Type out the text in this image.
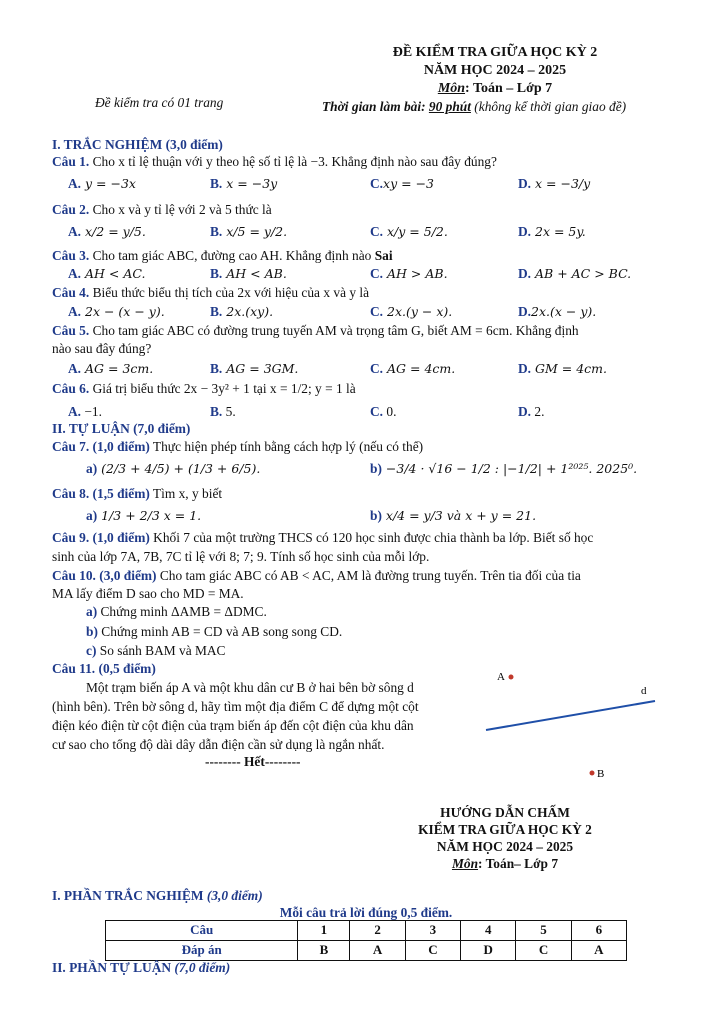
ĐỀ KIỂM TRA GIỮA HỌC KỲ 2
NĂM HỌC 2024 – 2025
Môn: Toán – Lớp 7
Đề kiểm tra có 01 trang	Thời gian làm bài: 90 phút (không kể thời gian giao đề)
I. TRẮC NGHIỆM (3,0 điểm)
Câu 1. Cho x tỉ lệ thuận với y theo hệ số tỉ lệ là −3. Khẳng định nào sau đây đúng?
A. y = −3x	B. x = −3y	C.xy = −3	D. x = −3/y
Câu 2. Cho x và y tỉ lệ với 2 và 5 thức là
A. x/2 = y/5.	B. x/5 = y/2.	C. x/y = 5/2.	D. 2x = 5y.
Câu 3. Cho tam giác ABC, đường cao AH. Khẳng định nào Sai
A. AH < AC.	B. AH < AB.	C. AH > AB.	D. AB + AC > BC.
Câu 4. Biểu thức biểu thị tích của 2x với hiệu của x và y là
A. 2x − (x − y).	B. 2x.(xy).	C. 2x.(y − x).	D.2x.(x − y).
Câu 5. Cho tam giác ABC có đường trung tuyến AM và trọng tâm G, biết AM = 6cm. Khẳng định
nào sau đây đúng?
A. AG = 3cm.	B. AG = 3GM.	C. AG = 4cm.	D. GM = 4cm.
Câu 6. Giá trị biểu thức 2x − 3y² + 1 tại x = 1/2; y = 1 là
A. −1.	B. 5.	C. 0.	D. 2.
II. TỰ LUẬN (7,0 điểm)
Câu 7. (1,0 điểm) Thực hiện phép tính bằng cách hợp lý (nếu có thể)
a) (2/3 + 4/5) + (1/3 + 6/5).	b) −3/4 · √16 − 1/2 : |−1/2| + 1²⁰²⁵. 2025⁰.
Câu 8. (1,5 điểm) Tìm x, y biết
a) 1/3 + 2/3 x = 1.	b) x/4 = y/3 và x + y = 21.
Câu 9. (1,0 điểm) Khối 7 của một trường THCS có 120 học sinh được chia thành ba lớp. Biết số học
sinh của lớp 7A, 7B, 7C tỉ lệ với 8; 7; 9. Tính số học sinh của mỗi lớp.
Câu 10. (3,0 điểm) Cho tam giác ABC có AB < AC, AM là đường trung tuyến. Trên tia đối của tia
MA lấy điểm D sao cho MD = MA.
a) Chứng minh ΔAMB = ΔDMC.
b) Chứng minh AB = CD và AB song song CD.
c) So sánh BAM và MAC
Câu 11. (0,5 điểm)
Một trạm biến áp A và một khu dân cư B ở hai bên bờ sông d
(hình bên). Trên bờ sông d, hãy tìm một địa điểm C để dựng một cột
điện kéo điện từ cột điện của trạm biến áp đến cột điện của khu dân
cư sao cho tổng độ dài dây dẫn điện cần sử dụng là ngắn nhất.
-------- Hết--------
A
d
B
HƯỚNG DẪN CHẤM
KIỂM TRA GIỮA HỌC KỲ 2
NĂM HỌC 2024 – 2025
Môn: Toán– Lớp 7
I. PHẦN TRẮC NGHIỆM (3,0 điểm)
Mỗi câu trả lời đúng 0,5 điểm.
Câu	1	2	3	4	5	6
Đáp án	B	A	C	D	C	A
II. PHẦN TỰ LUẬN (7,0 điểm)
